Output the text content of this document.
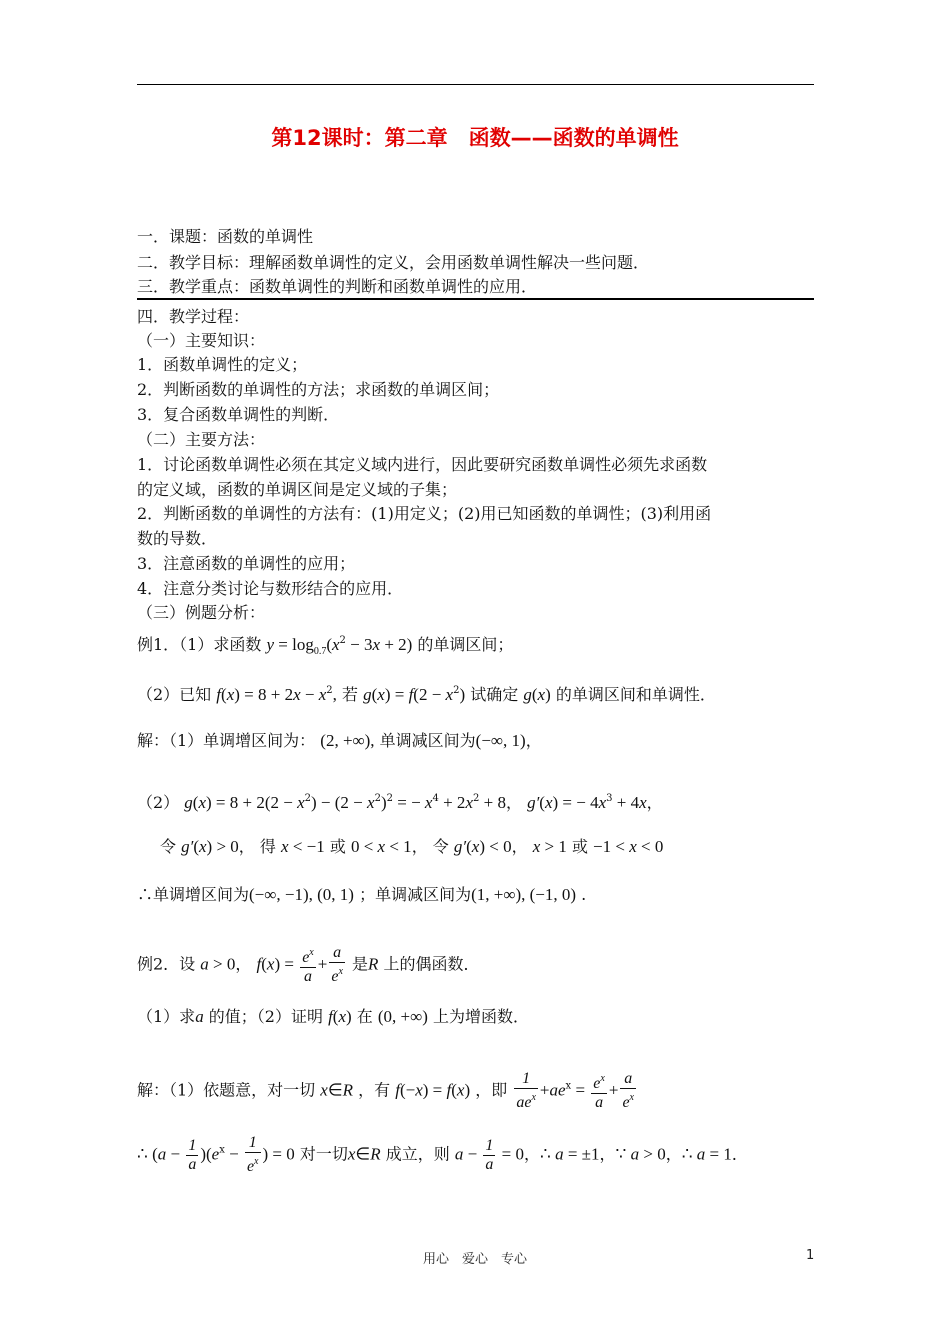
第12课时：第二章　函数——函数的单调性
一．课题：函数的单调性
二．教学目标：理解函数单调性的定义，会用函数单调性解决一些问题．
三．教学重点：函数单调性的判断和函数单调性的应用．
四．教学过程：
（一）主要知识：
1．函数单调性的定义；
2．判断函数的单调性的方法；求函数的单调区间；
3．复合函数单调性的判断．
（二）主要方法：
1．讨论函数单调性必须在其定义域内进行，因此要研究函数单调性必须先求函数
的定义域，函数的单调区间是定义域的子集；
2．判断函数的单调性的方法有：(1)用定义；(2)用已知函数的单调性；(3)利用函
数的导数．
3．注意函数的单调性的应用；
4．注意分类讨论与数形结合的应用．
（三）例题分析：
例1．（1）求函数 $y = \log_{0.7}(x^2 - 3x + 2)$ 的单调区间；
（2）已知 $f(x) = 8 + 2x - x^2$, 若 $g(x) = f(2 - x^2)$ 试确定 g(x) 的单调区间和单调性．
解：（1）单调增区间为： (2, +∞), 单调减区间为(−∞, 1)，
（2） $g(x) = 8 + 2(2 - x^2) - (2 - x^2)^2$ = − $x^4 + 2x^2 + 8$， g′(x) = − $4x^3 + 4x$，
令 g′(x) > 0， 得 x < −1 或 0 < x < 1， 令 g′(x) < 0， x > 1 或 −1 < x < 0
∴单调增区间为(−∞, −1), (0, 1) ；单调减区间为(1, +∞), (−1, 0) .
例2．设 a > 0， $f(x) = \frac{e^x}{a} + \frac{a}{e^x}$ 是R 上的偶函数．
（1）求a 的值；（2）证明 f(x) 在 (0, +∞) 上为增函数．
解：（1）依题意，对一切 x∈R ，有 f(−x) = f(x) ，即 $\frac{1}{ae^x} +ae^x = \frac{e^x}{a} + \frac{a}{e^x}$
∴ $(a - \frac{1}{a} )(e^x - \frac{1}{e^x}$ ) = 0 对一切x∈R 成立，则 $a - \frac{1}{a} = 0$，∴ a = ±1，∵ a > 0，∴ a = 1．
用心　爱心　专心	1
